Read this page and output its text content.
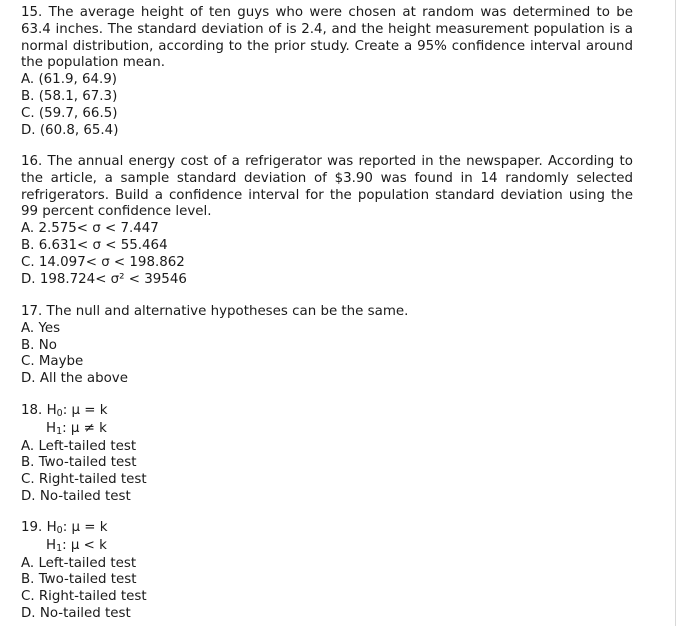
15. The average height of ten guys who were chosen at random was determined to be 63.4 inches. The standard deviation of is 2.4, and the height measurement population is a normal distribution, according to the prior study. Create a 95% confidence interval around the population mean.
A. (61.9, 64.9)
B. (58.1, 67.3)
C. (59.7, 66.5)
D. (60.8, 65.4)
16. The annual energy cost of a refrigerator was reported in the newspaper. According to the article, a sample standard deviation of $3.90 was found in 14 randomly selected refrigerators. Build a confidence interval for the population standard deviation using the 99 percent confidence level.
A. 2.575< σ < 7.447
B. 6.631< σ < 55.464
C. 14.097< σ < 198.862
D. 198.724< σ² < 39546
17. The null and alternative hypotheses can be the same.
A. Yes
B. No
C. Maybe
D. All the above
18. H0: μ = k
H1: μ ≠ k
A. Left-tailed test
B. Two-tailed test
C. Right-tailed test
D. No-tailed test
19. H0: μ = k
H1: μ < k
A. Left-tailed test
B. Two-tailed test
C. Right-tailed test
D. No-tailed test
